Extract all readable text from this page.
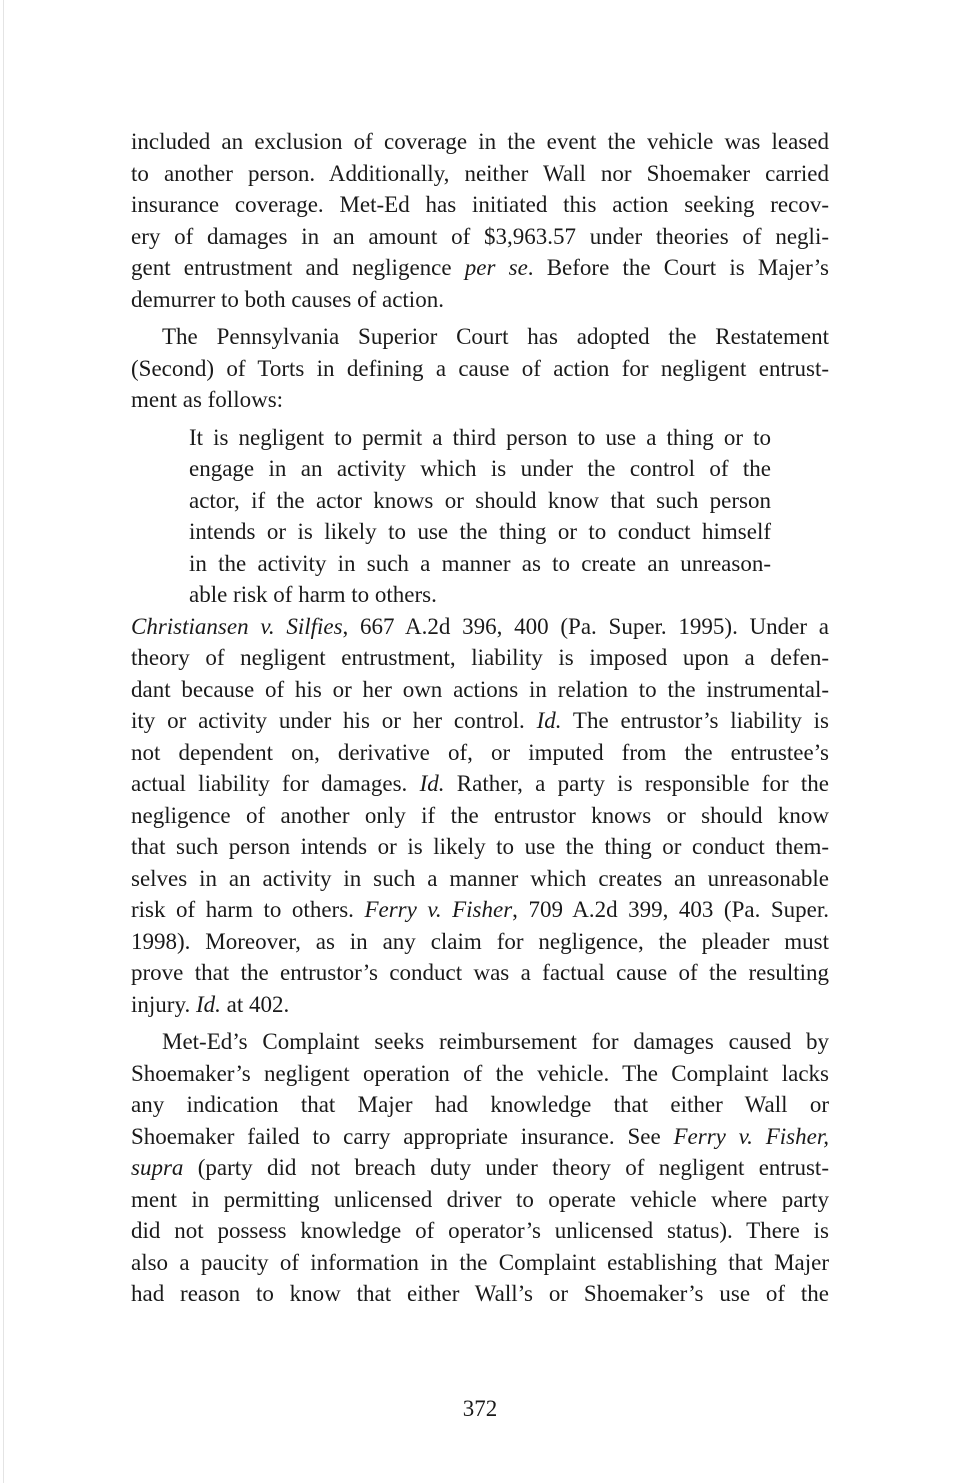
included an exclusion of coverage in the event the vehicle was leased
to another person. Additionally, neither Wall nor Shoemaker carried
insurance coverage. Met-Ed has initiated this action seeking recov-
ery of damages in an amount of $3,963.57 under theories of negli-
gent entrustment and negligence per se. Before the Court is Majer’s
demurrer to both causes of action.
The Pennsylvania Superior Court has adopted the Restatement
(Second) of Torts in defining a cause of action for negligent entrust-
ment as follows:
It is negligent to permit a third person to use a thing or to
engage in an activity which is under the control of the
actor, if the actor knows or should know that such person
intends or is likely to use the thing or to conduct himself
in the activity in such a manner as to create an unreason-
able risk of harm to others.
Christiansen v. Silfies, 667 A.2d 396, 400 (Pa. Super. 1995). Under a
theory of negligent entrustment, liability is imposed upon a defen-
dant because of his or her own actions in relation to the instrumental-
ity or activity under his or her control. Id. The entrustor’s liability is
not dependent on, derivative of, or imputed from the entrustee’s
actual liability for damages. Id. Rather, a party is responsible for the
negligence of another only if the entrustor knows or should know
that such person intends or is likely to use the thing or conduct them-
selves in an activity in such a manner which creates an unreasonable
risk of harm to others. Ferry v. Fisher, 709 A.2d 399, 403 (Pa. Super.
1998). Moreover, as in any claim for negligence, the pleader must
prove that the entrustor’s conduct was a factual cause of the resulting
injury. Id. at 402.
Met-Ed’s Complaint seeks reimbursement for damages caused by
Shoemaker’s negligent operation of the vehicle. The Complaint lacks
any indication that Majer had knowledge that either Wall or
Shoemaker failed to carry appropriate insurance. See Ferry v. Fisher,
supra (party did not breach duty under theory of negligent entrust-
ment in permitting unlicensed driver to operate vehicle where party
did not possess knowledge of operator’s unlicensed status). There is
also a paucity of information in the Complaint establishing that Majer
had reason to know that either Wall’s or Shoemaker’s use of the
372
